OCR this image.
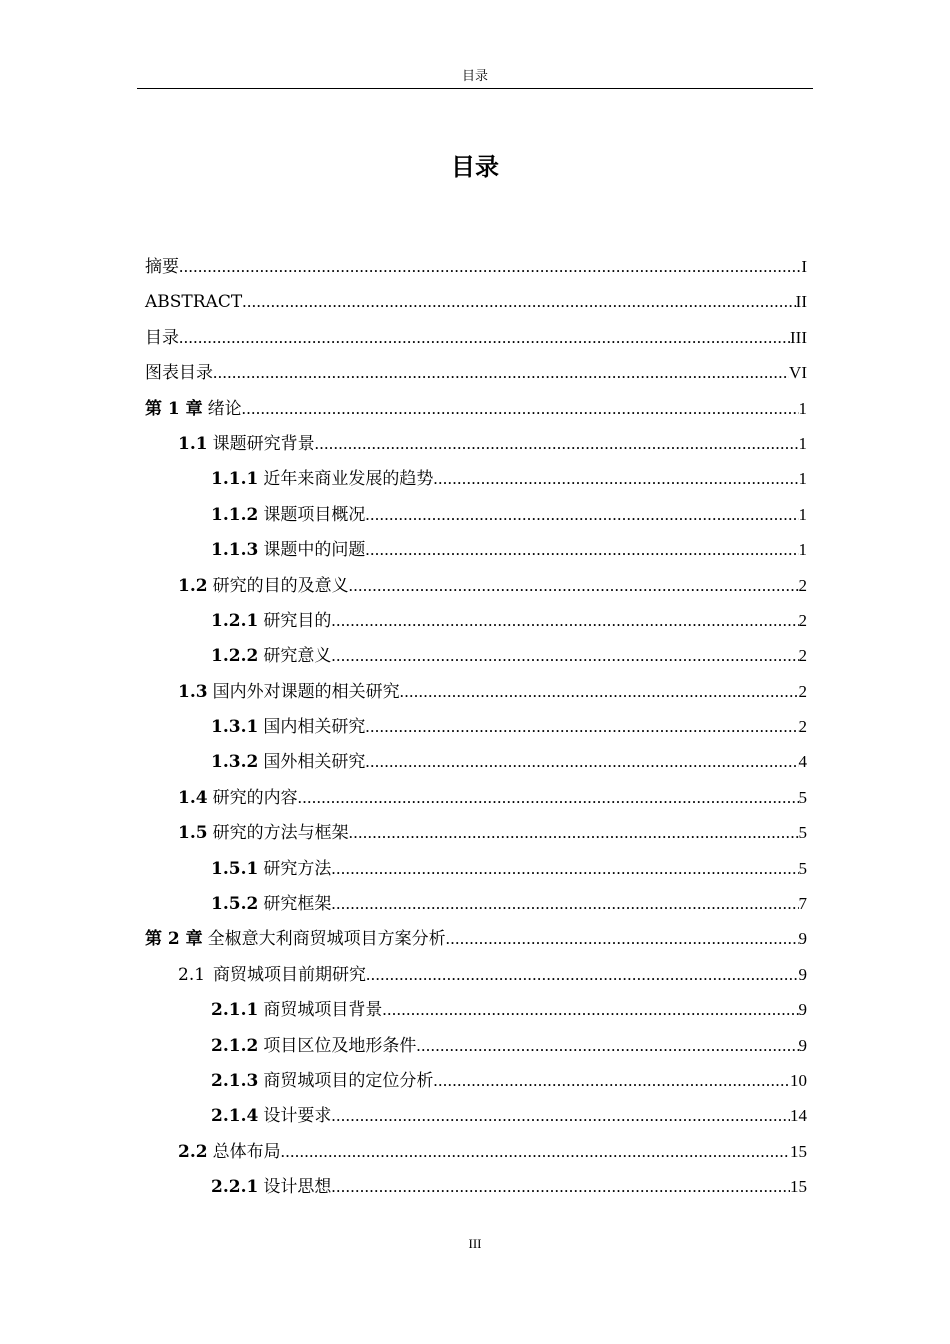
目录
目录
摘要 .....	I
ABSTRACT .....	II
目录 .....	III
图表目录 .....	VI
第 1 章 绪论 .....	1
1.1 课题研究背景 .....	1
1.1.1 近年来商业发展的趋势 .....	1
1.1.2 课题项目概况 .....	1
1.1.3 课题中的问题 .....	1
1.2 研究的目的及意义 .....	2
1.2.1 研究目的 .....	2
1.2.2 研究意义 .....	2
1.3 国内外对课题的相关研究 .....	2
1.3.1 国内相关研究 .....	2
1.3.2 国外相关研究 .....	4
1.4 研究的内容 .....	5
1.5 研究的方法与框架 .....	5
1.5.1 研究方法 .....	5
1.5.2 研究框架 .....	7
第 2 章 全椒意大利商贸城项目方案分析 .....	9
2.1 商贸城项目前期研究 .....	9
2.1.1 商贸城项目背景 .....	9
2.1.2 项目区位及地形条件 .....	9
2.1.3 商贸城项目的定位分析 .....	10
2.1.4 设计要求 .....	14
2.2 总体布局 .....	15
2.2.1 设计思想 .....	15
III
